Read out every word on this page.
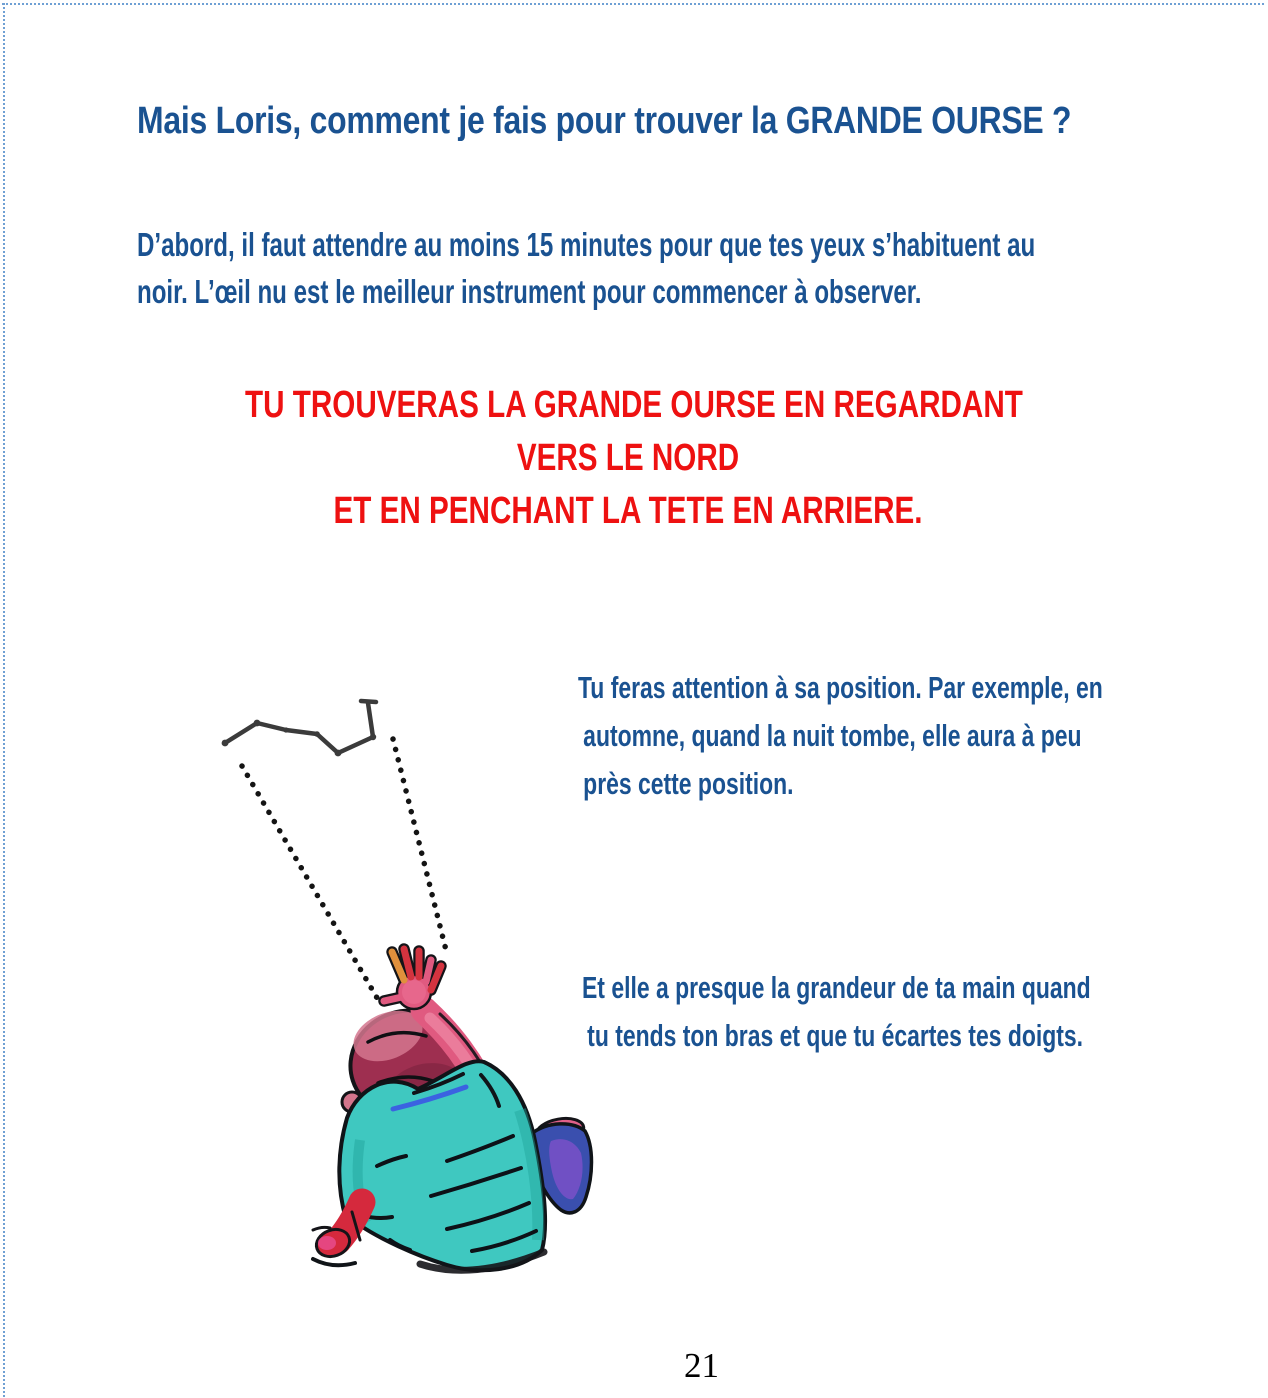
Mais Loris, comment je fais pour trouver la GRANDE OURSE ?
D’abord, il faut attendre au moins 15 minutes pour que tes yeux s’habituent au
noir. L’œil nu est le meilleur instrument pour commencer à observer.
TU TROUVERAS LA GRANDE OURSE EN REGARDANT
VERS LE NORD
ET EN PENCHANT LA TETE EN ARRIERE.
Tu feras attention à sa position. Par exemple, en
automne, quand la nuit tombe, elle aura à peu
près cette position.
Et elle a presque la grandeur de ta main quand
tu tends ton bras et que tu écartes tes doigts.
21
